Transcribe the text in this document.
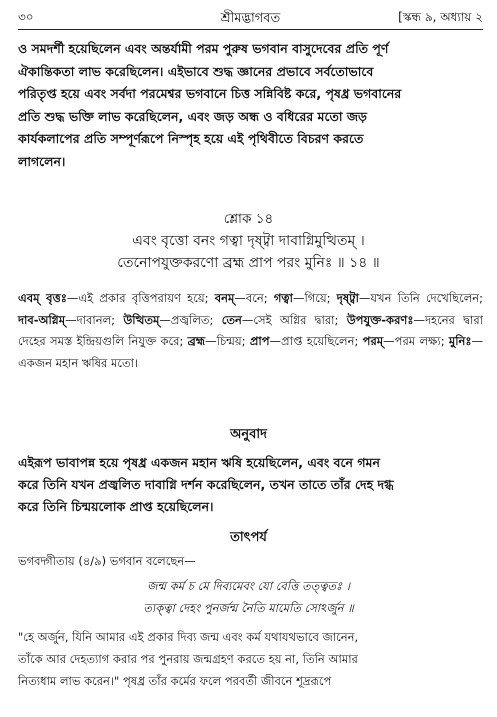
৩০	শ্রীমদ্ভাগবত	[স্কন্ধ ৯, অধ্যায় ২
ও সমদর্শী হয়েছিলেন এবং অন্তর্যামী পরম পুরুষ ভগবান বাসুদেবের প্রতি পূর্ণ
ঐকান্তিকতা লাভ করেছিলেন। এইভাবে শুদ্ধ জ্ঞানের প্রভাবে সর্বতোভাবে
পরিতৃপ্ত হয়ে এবং সর্বদা পরমেশ্বর ভগবানে চিত্ত সন্নিবিষ্ট করে, পৃষধ্র ভগবানের
প্রতি শুদ্ধ ভক্তি লাভ করেছিলেন, এবং জড় অন্ধ ও বধিরের মতো জড়
কার্যকলাপের প্রতি সম্পূর্ণরূপে নিস্পৃহ হয়ে এই পৃথিবীতে বিচরণ করতে
লাগলেন।
শ্লোক ১৪
এবং বৃত্তো বনং গত্বা দৃষ্ট্বা দাবাগ্নিমুত্থিতম্ ।
তেনোপযুক্তকরণো ব্রহ্ম প্রাপ পরং মুনিঃ ॥ ১৪ ॥
এবম্ বৃত্তঃ—এই প্রকার বৃত্তিপরায়ণ হয়ে; বনম্—বনে; গত্বা—গিয়ে; দৃষ্ট্বা—যখন তিনি দেখেছিলেন; দাব-অগ্নিম্—দাবানল; উত্থিতম্—প্রজ্বলিত; তেন—সেই অগ্নির দ্বারা; উপযুক্ত-করণঃ—দহনের দ্বারা দেহের সমস্ত ইন্দ্রিয়গুলি নিযুক্ত করে; ব্রহ্ম—চিন্ময়; প্রাপ—প্রাপ্ত হয়েছিলেন; পরম্—পরম লক্ষ্য; মুনিঃ—একজন মহান ঋষির মতো।
অনুবাদ
এইরূপ ভাবাপন্ন হয়ে পৃষধ্র একজন মহান ঋষি হয়েছিলেন, এবং বনে গমন
করে তিনি যখন প্রজ্বলিত দাবাগ্নি দর্শন করেছিলেন, তখন তাতে তাঁর দেহ দগ্ধ
করে তিনি চিন্ময়লোক প্রাপ্ত হয়েছিলেন।
তাৎপর্য
ভগবদ্গীতায় (৪/৯) ভগবান বলেছেন—
জন্ম কর্ম চ মে দিব্যমেবং যো বেত্তি তত্ত্বতঃ ।
ত্যক্ত্বা দেহং পুনর্জন্ম নৈতি মামেতি সোঽর্জুন ॥
"হে অর্জুন, যিনি আমার এই প্রকার দিব্য জন্ম এবং কর্ম যথাযথভাবে জানেন,
তাঁকে আর দেহত্যাগ করার পর পুনরায় জন্মগ্রহণ করতে হয় না, তিনি আমার
নিত্যধাম লাভ করেন।" পৃষধ্র তাঁর কর্মের ফলে পরবর্তী জীবনে শূদ্ররূপে
